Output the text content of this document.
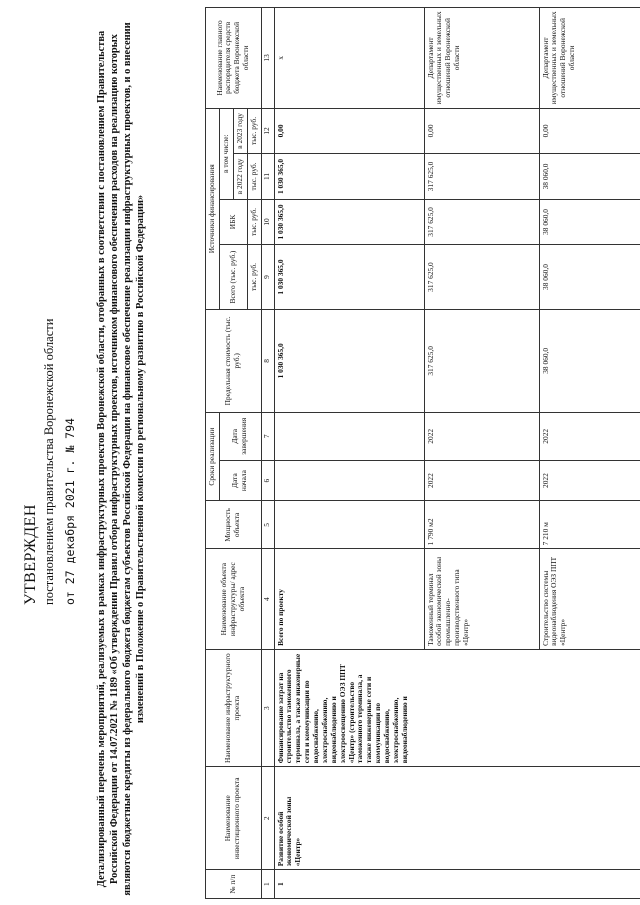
УТВЕРЖДЕН постановлением правительства Воронежской области от 27 декабря 2021 г. № 794 Детализированный перечень мероприятий, реализуемых в рамках инфраструктурных проектов Воронежской области, отобранных в соответствии с постановлением Правительства Российской Федерации от 14.07.2021 № 1189 «Об утверждении Правил отбора инфраструктурных проектов, источником финансового обеспечения расходов на реализацию которых являются бюджетные кредиты из федерального бюджета бюджетам субъектов Российской Федерации на финансовое обеспечение реализации инфраструктурных проектов, и о внесении изменений в Положение о Правительственной комиссии по региональному развитию в Российской Федерации»
№ п/п	Наименование инвестиционного проекта	Наименование инфраструктурного проекта	Наименование объекта инфраструктуры/ адрес объекта	Мощность объекта	Сроки реализации		Предельная стоимость (тыс. руб.)	Источники финансирования				Наименование главного распорядителя средств бюджета Воронежской области
					Дата начала	Дата завершения		Всего (тыс. руб.)	ИБК	в том числе:		
										в 2022 году	в 2023 году	
								тыс. руб.	тыс. руб.	тыс. руб.	тыс. руб.	
1	2	3	4	5	6	7	8	9	10	11	12	13
1	Развитие особой экономической зоны «Центр»	Финансирование затрат на строительство таможенного терминала, а также инженерные сети и коммуникации по водоснабжению, электроснабжению, видеонаблюдению и электроосвещению ОЭЗ ППТ «Центр» (строительство таможенного терминала, а также инженерные сети и коммуникации по водоснабжению, электроснабжению, видеонаблюдению и	Всего по проекту				1 030 365,0	1 030 365,0	1 030 365,0	1 030 365,0	0,00	х
			Таможенный терминал особой экономической зоны промышленно-производственного типа «Центр»	1 790 м2	2022	2022	317 625,0	317 625,0	317 625,0	317 625,0	0,00	Департамент имущественных и земельных отношений Воронежской области
			Строительство системы видеонаблюдения ОЭЗ ППТ «Центр»	7 210 м	2022	2022	38 060,0	38 060,0	38 060,0	38 060,0	0,00	Департамент имущественных и земельных отношений Воронежской области
